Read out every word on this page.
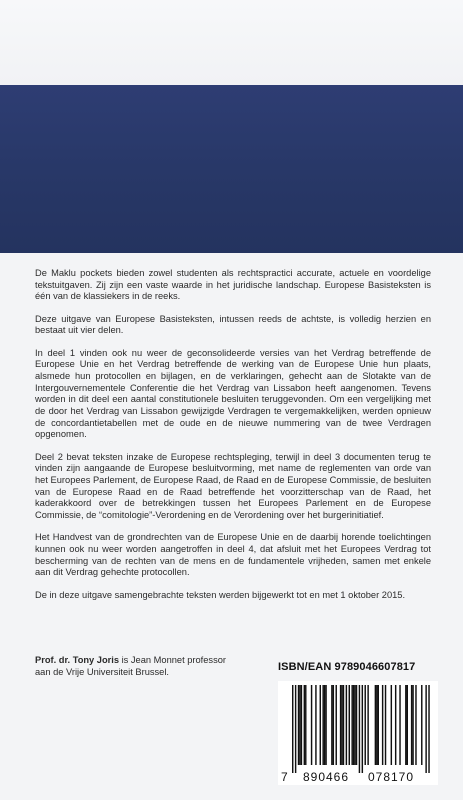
De Maklu pockets bieden zowel studenten als rechtspractici accurate, actuele en voordelige tekstuitgaven. Zij zijn een vaste waarde in het juridische landschap. Europese Basisteksten is één van de klassiekers in de reeks.

Deze uitgave van Europese Basisteksten, intussen reeds de achtste, is volledig herzien en bestaat uit vier delen.

In deel 1 vinden ook nu weer de geconsolideerde versies van het Verdrag betreffende de Europese Unie en het Verdrag betreffende de werking van de Europese Unie hun plaats, alsmede hun protocollen en bijlagen, en de verklaringen, gehecht aan de Slotakte van de Intergouvernementele Conferentie die het Verdrag van Lissabon heeft aangenomen. Tevens worden in dit deel een aantal constitutionele besluiten teruggevonden. Om een vergelijking met de door het Verdrag van Lissabon gewijzigde Verdragen te vergemakkelijken, werden opnieuw de concordantietabellen met de oude en de nieuwe nummering van de twee Verdragen opgenomen.

Deel 2 bevat teksten inzake de Europese rechtspleging, terwijl in deel 3 documenten terug te vinden zijn aangaande de Europese besluitvorming, met name de reglementen van orde van het Europees Parlement, de Europese Raad, de Raad en de Europese Commissie, de besluiten van de Europese Raad en de Raad betreffende het voorzitterschap van de Raad, het kaderakkoord over de betrekkingen tussen het Europees Parlement en de Europese Commissie, de “comitologie”-Verordening en de Verordening over het burgerinitiatief.

Het Handvest van de grondrechten van de Europese Unie en de daarbij horende toelichtingen kunnen ook nu weer worden aangetroffen in deel 4, dat afsluit met het Europees Verdrag tot bescherming van de rechten van de mens en de fundamentele vrijheden, samen met enkele aan dit Verdrag gehechte protocollen.

De in deze uitgave samengebrachte teksten werden bijgewerkt tot en met 1 oktober 2015.

Prof. dr. Tony Joris is Jean Monnet professor
aan de Vrije Universiteit Brussel.	ISBN/EAN 9789046607817
7 890466 078170
